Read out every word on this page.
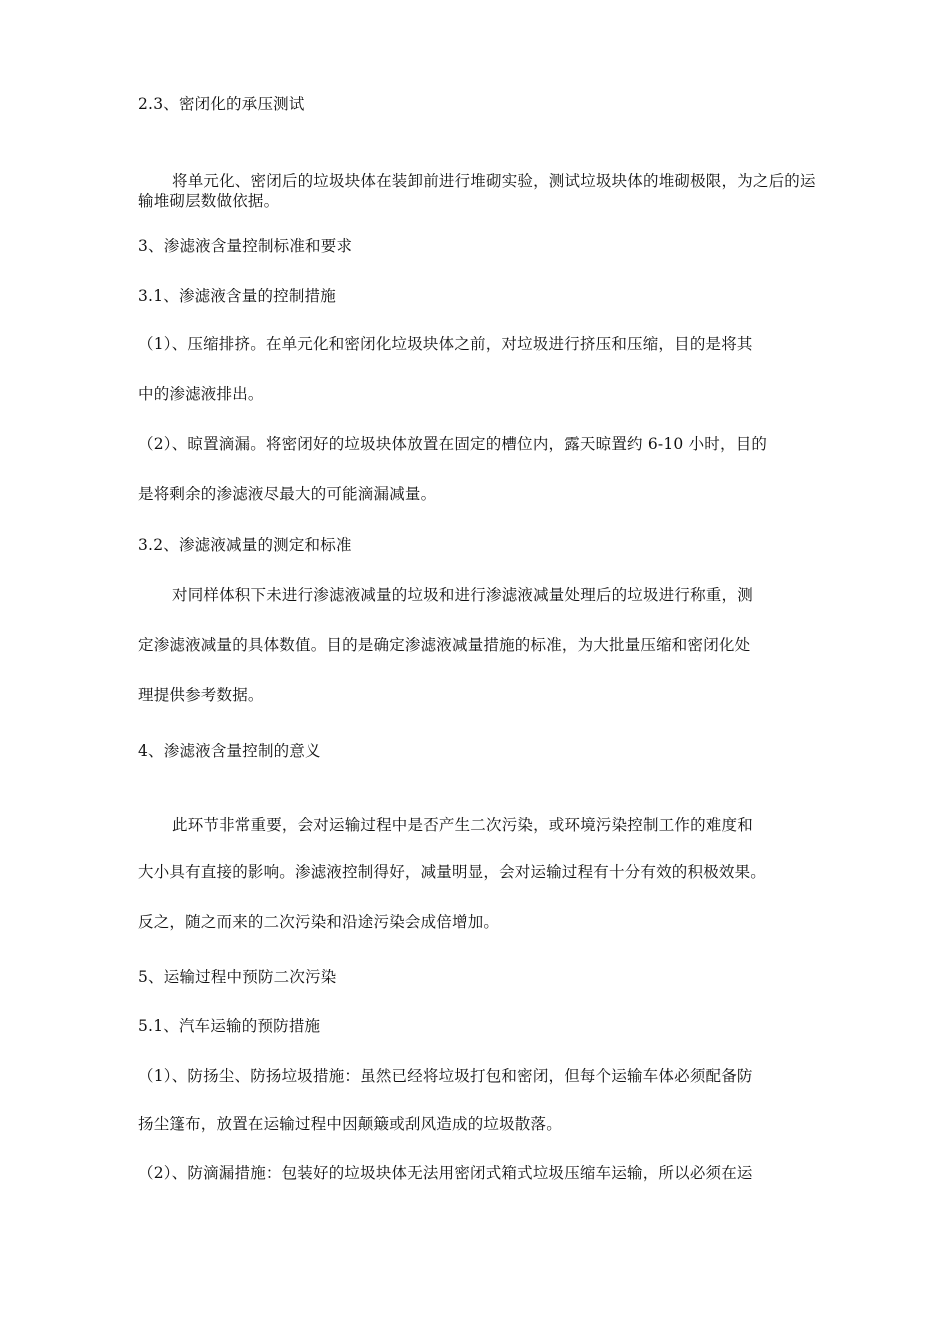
2.3、密闭化的承压测试
将单元化、密闭后的垃圾块体在装卸前进行堆砌实验，测试垃圾块体的堆砌极限，为之后的运输堆砌层数做依据。
3、渗滤液含量控制标准和要求
3.1、渗滤液含量的控制措施
（1）、压缩排挤。在单元化和密闭化垃圾块体之前，对垃圾进行挤压和压缩，目的是将其
中的渗滤液排出。
（2）、晾置滴漏。将密闭好的垃圾块体放置在固定的槽位内，露天晾置约 6-10 小时，目的
是将剩余的渗滤液尽最大的可能滴漏减量。
3.2、渗滤液减量的测定和标准
对同样体积下未进行渗滤液减量的垃圾和进行渗滤液减量处理后的垃圾进行称重，测
定渗滤液减量的具体数值。目的是确定渗滤液减量措施的标准，为大批量压缩和密闭化处
理提供参考数据。
4、渗滤液含量控制的意义
此环节非常重要，会对运输过程中是否产生二次污染，或环境污染控制工作的难度和
大小具有直接的影响。渗滤液控制得好，减量明显，会对运输过程有十分有效的积极效果。
反之，随之而来的二次污染和沿途污染会成倍增加。
5、运输过程中预防二次污染
5.1、汽车运输的预防措施
（1）、防扬尘、防扬垃圾措施：虽然已经将垃圾打包和密闭，但每个运输车体必须配备防
扬尘篷布，放置在运输过程中因颠簸或刮风造成的垃圾散落。
（2）、防滴漏措施：包装好的垃圾块体无法用密闭式箱式垃圾压缩车运输，所以必须在运
